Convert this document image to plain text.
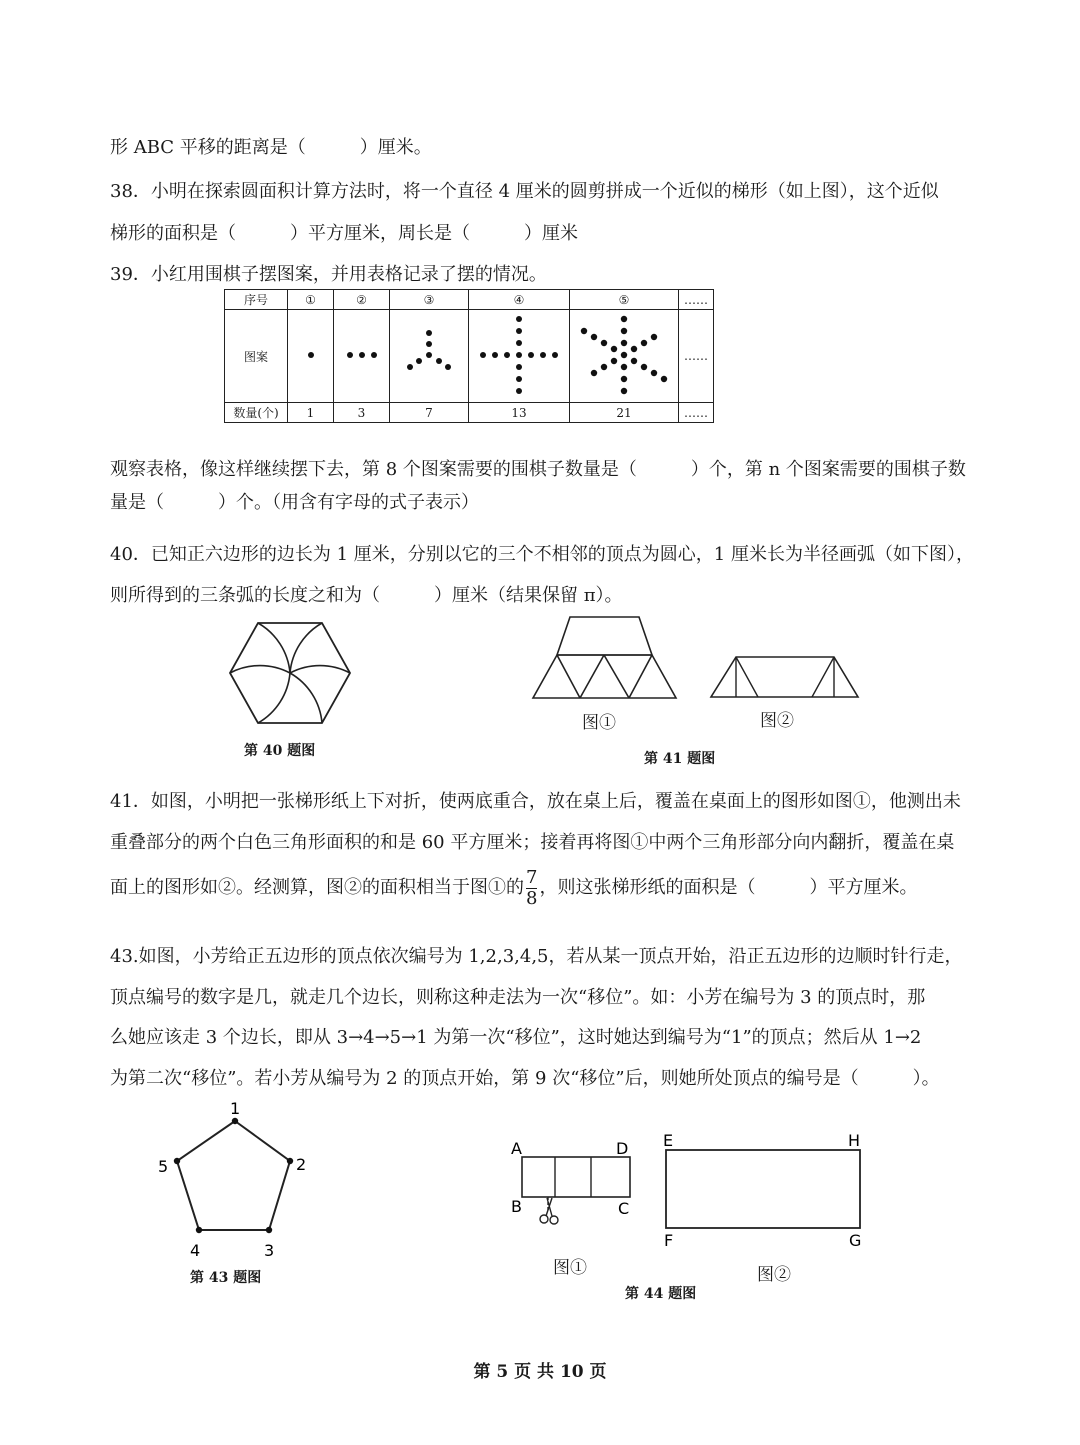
形 ABC 平移的距离是（　　　）厘米。
38．小明在探索圆面积计算方法时，将一个直径 4 厘米的圆剪拼成一个近似的梯形（如上图），这个近似
梯形的面积是（　　　）平方厘米，周长是（　　　）厘米
39．小红用围棋子摆图案，并用表格记录了摆的情况。
序号	①	②	③	④	⑤	……
图案						……
数量(个)	1	3	7	13	21	……
观察表格，像这样继续摆下去，第 8 个图案需要的围棋子数量是（　　　）个，第 n 个图案需要的围棋子数
量是（　　　）个。（用含有字母的式子表示）
40．已知正六边形的边长为 1 厘米，分别以它的三个不相邻的顶点为圆心，1 厘米长为半径画弧（如下图），
则所得到的三条弧的长度之和为（　　　）厘米（结果保留 π）。
第 40 题图
图①	图②
第 41 题图
41．如图，小明把一张梯形纸上下对折，使两底重合，放在桌上后，覆盖在桌面上的图形如图①，他测出未
重叠部分的两个白色三角形面积的和是 60 平方厘米；接着再将图①中两个三角形部分向内翻折，覆盖在桌
面上的图形如②。经测算，图②的面积相当于图①的 $\frac{7}{8}$ ，则这张梯形纸的面积是（　　　）平方厘米。
43.如图，小芳给正五边形的顶点依次编号为 1,2,3,4,5，若从某一顶点开始，沿正五边形的边顺时针行走，
顶点编号的数字是几，就走几个边长，则称这种走法为一次“移位”。如：小芳在编号为 3 的顶点时，那
么她应该走 3 个边长，即从 3→4→5→1 为第一次“移位”，这时她达到编号为“1”的顶点；然后从 1→2
为第二次“移位”。若小芳从编号为 2 的顶点开始，第 9 次“移位”后，则她所处顶点的编号是（　　　）。
1
2
3
4
5
第 43 题图
A	D
B	C
图①
E	H
F	G
图②
第 44 题图
第 5 页 共 10 页
